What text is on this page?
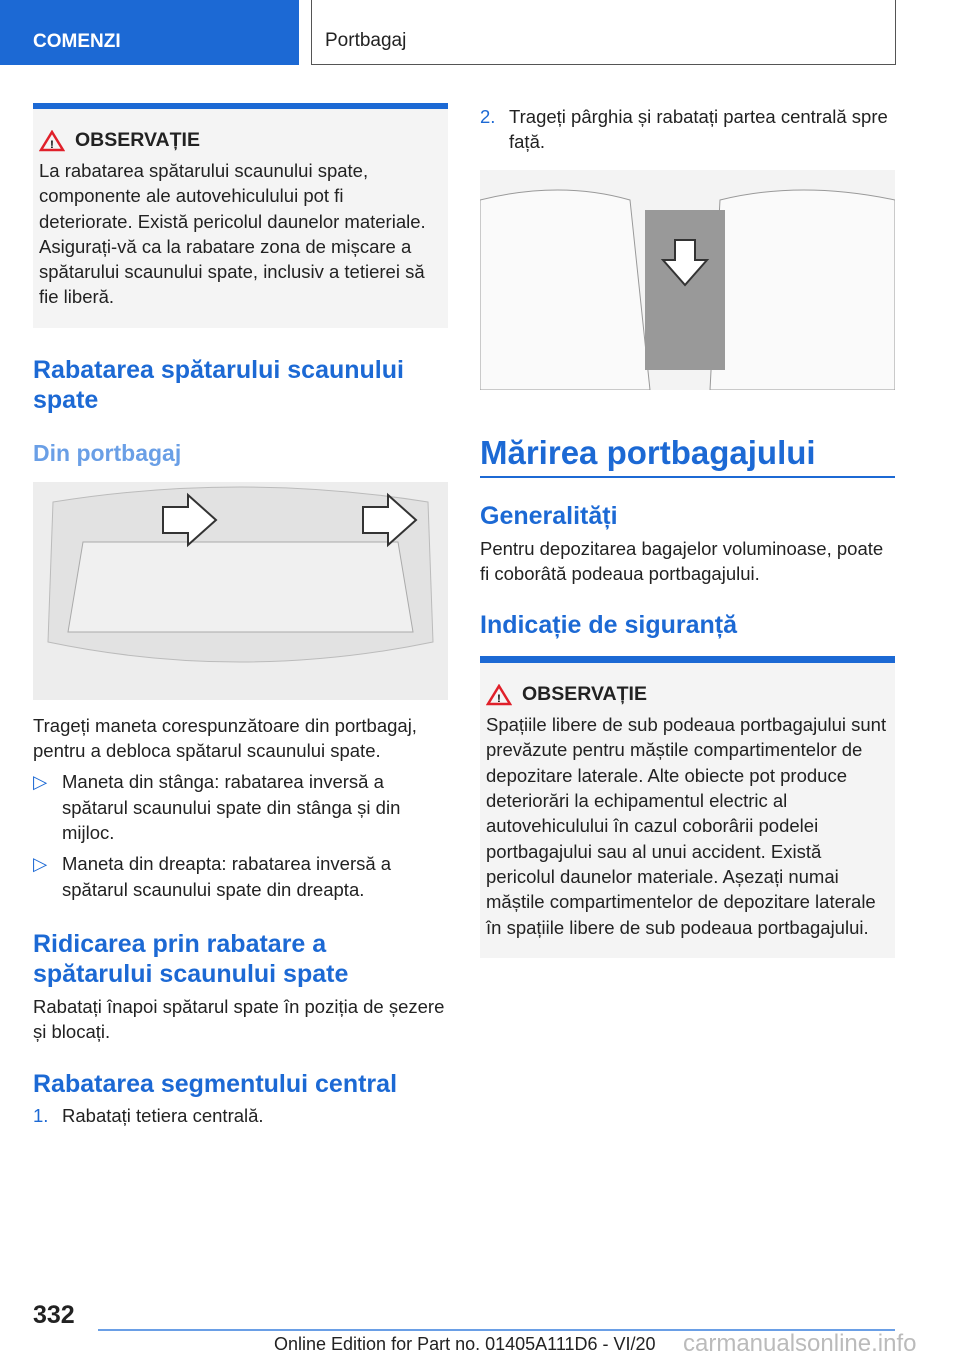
COMENZI	Portbagaj
! OBSERVAȚIE
La rabatarea spătarului scaunului spate, componente ale autovehiculului pot fi deteriorate. Există pericolul daunelor materiale. Asigurați-vă ca la rabatare zona de mișcare a spătarului scaunului spate, inclusiv a tetierei să fie liberă.
Rabatarea spătarului scaunului spate
Din portbagaj
Trageți maneta corespunzătoare din portbagaj, pentru a debloca spătarul scaunului spate.
▷ Maneta din stânga: rabatarea inversă a spătarul scaunului spate din stânga și din mijloc.
▷ Maneta din dreapta: rabatarea inversă a spătarul scaunului spate din dreapta.
Ridicarea prin rabatare a spătarului scaunului spate
Rabatați înapoi spătarul spate în poziția de șezere și blocați.
Rabatarea segmentului central
1. Rabatați tetiera centrală.
2. Trageți pârghia și rabatați partea centrală spre față.
Mărirea portbagajului
Generalități
Pentru depozitarea bagajelor voluminoase, poate fi coborâtă podeaua portbagajului.
Indicație de siguranță
! OBSERVAȚIE
Spațiile libere de sub podeaua portbagajului sunt prevăzute pentru măștile compartimentelor de depozitare laterale. Alte obiecte pot produce deteriorări la echipamentul electric al autovehiculului în cazul coborârii podelei portbagajului sau al unui accident. Există pericolul daunelor materiale. Așezați numai măștile compartimentelor de depozitare laterale în spațiile libere de sub podeaua portbagajului.
332
Online Edition for Part no. 01405A111D6 - VI/20 carmanualsonline.info
